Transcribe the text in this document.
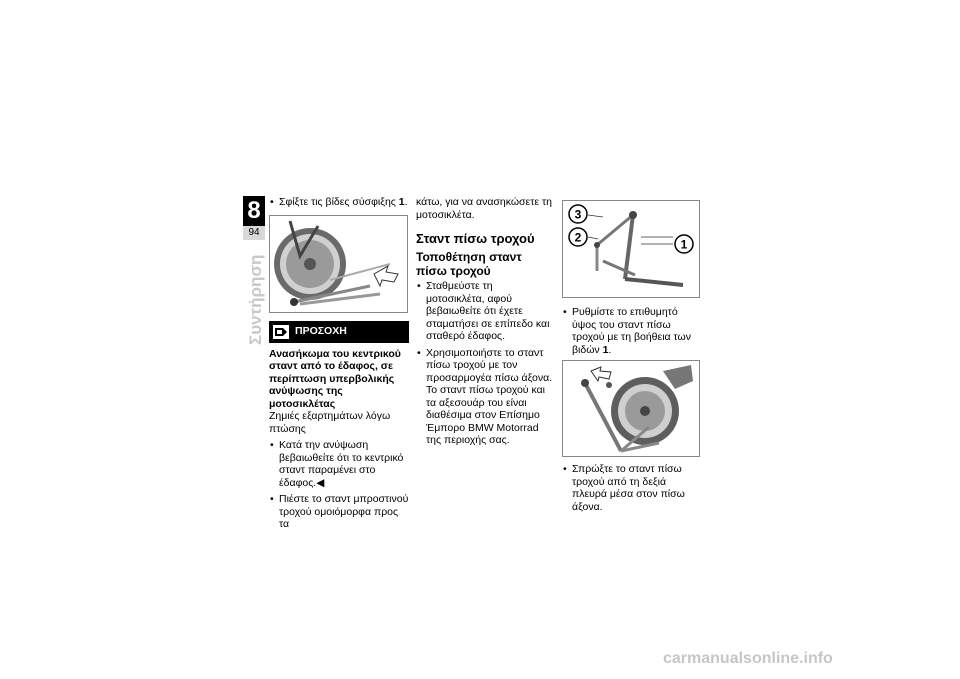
8
94
Συντήρηση
• Σφίξτε τις βίδες σύσφιξης 1.
ΠΡΟΣΟΧΗ
Ανασήκωμα του κεντρικού σταντ από το έδαφος, σε περίπτωση υπερβολικής ανύψωσης της μοτοσικλέτας
Ζημιές εξαρτημάτων λόγω πτώσης
• Κατά την ανύψωση βεβαιωθείτε ότι το κεντρικό σταντ παραμένει στο έδαφος.◀
• Πιέστε το σταντ μπροστινού τροχού ομοιόμορφα προς τα
κάτω, για να ανασηκώσετε τη μοτοσικλέτα.
Σταντ πίσω τροχού
Τοποθέτηση σταντ πίσω τροχού
• Σταθμεύστε τη μοτοσικλέτα, αφού βεβαιωθείτε ότι έχετε σταματήσει σε επίπεδο και σταθερό έδαφος.
• Χρησιμοποιήστε το σταντ πίσω τροχού με τον προσαρμογέα πίσω άξονα. Το σταντ πίσω τροχού και τα αξεσουάρ του είναι διαθέσιμα στον Επίσημο Έμπορο BMW Motorrad της περιοχής σας.
3
2	1
• Ρυθμίστε το επιθυμητό ύψος του σταντ πίσω τροχού με τη βοήθεια των βιδών 1.
• Σπρώξτε το σταντ πίσω τροχού από τη δεξιά πλευρά μέσα στον πίσω άξονα.
carmanualsonline.info
